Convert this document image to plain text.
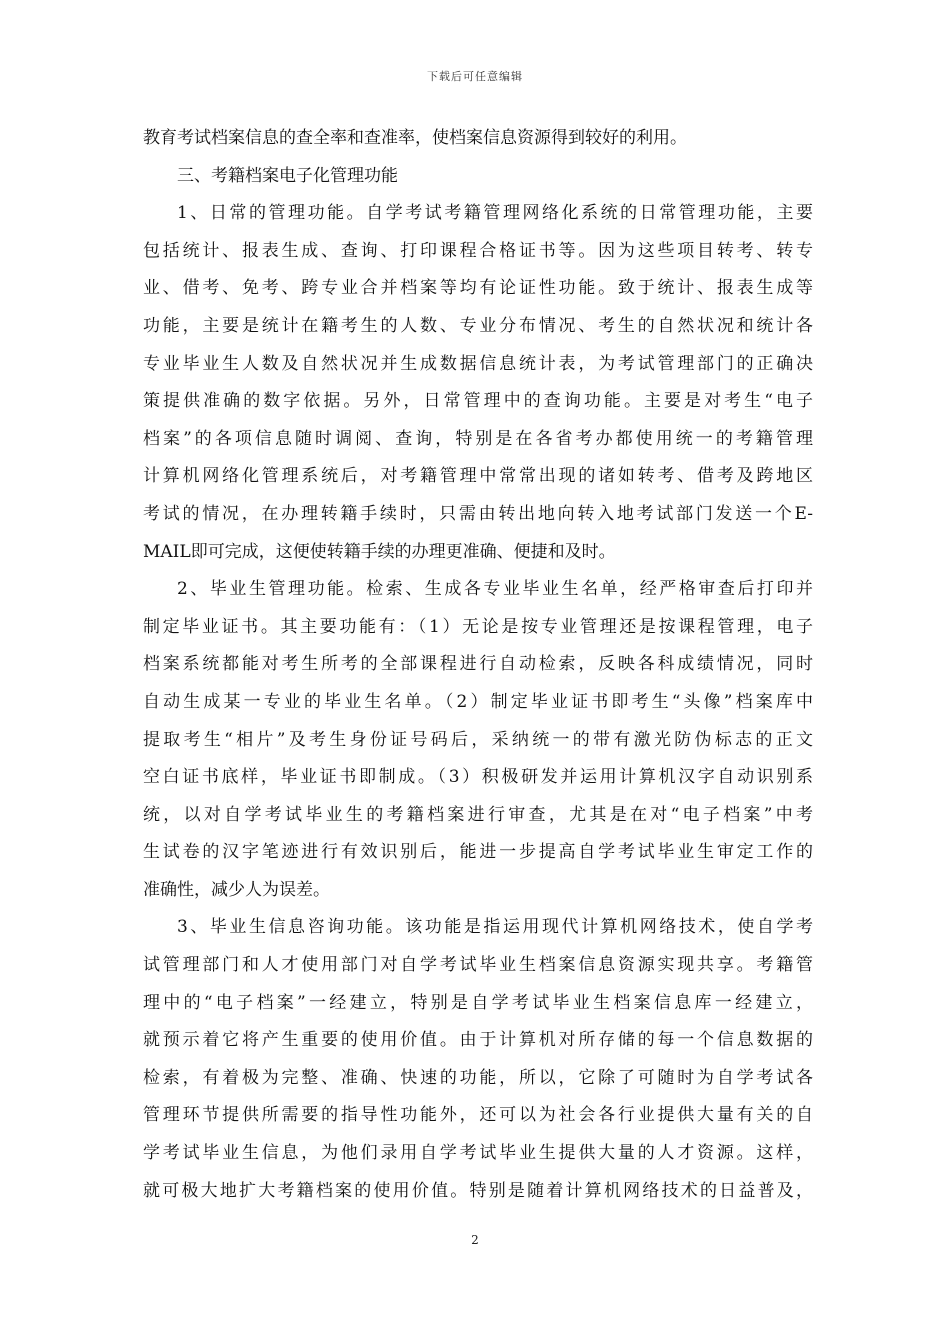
下载后可任意编辑
教育考试档案信息的查全率和查准率，使档案信息资源得到较好的利用。
三、考籍档案电子化管理功能
1、日常的管理功能。自学考试考籍管理网络化系统的日常管理功能，主要
包括统计、报表生成、查询、打印课程合格证书等。因为这些项目转考、转专
业、借考、免考、跨专业合并档案等均有论证性功能。致于统计、报表生成等
功能，主要是统计在籍考生的人数、专业分布情况、考生的自然状况和统计各
专业毕业生人数及自然状况并生成数据信息统计表，为考试管理部门的正确决
策提供准确的数字依据。另外，日常管理中的查询功能。主要是对考生“电子
档案”的各项信息随时调阅、查询，特别是在各省考办都使用统一的考籍管理
计算机网络化管理系统后，对考籍管理中常常出现的诸如转考、借考及跨地区
考试的情况，在办理转籍手续时，只需由转出地向转入地考试部门发送一个E-
MAIL即可完成，这便使转籍手续的办理更准确、便捷和及时。
2、毕业生管理功能。检索、生成各专业毕业生名单，经严格审查后打印并
制定毕业证书。其主要功能有：（1）无论是按专业管理还是按课程管理，电子
档案系统都能对考生所考的全部课程进行自动检索，反映各科成绩情况，同时
自动生成某一专业的毕业生名单。（2）制定毕业证书即考生“头像”档案库中
提取考生“相片”及考生身份证号码后，采纳统一的带有激光防伪标志的正文
空白证书底样，毕业证书即制成。（3）积极研发并运用计算机汉字自动识别系
统，以对自学考试毕业生的考籍档案进行审查，尤其是在对“电子档案”中考
生试卷的汉字笔迹进行有效识别后，能进一步提高自学考试毕业生审定工作的
准确性，减少人为误差。
3、毕业生信息咨询功能。该功能是指运用现代计算机网络技术，使自学考
试管理部门和人才使用部门对自学考试毕业生档案信息资源实现共享。考籍管
理中的“电子档案”一经建立，特别是自学考试毕业生档案信息库一经建立，
就预示着它将产生重要的使用价值。由于计算机对所存储的每一个信息数据的
检索，有着极为完整、准确、快速的功能，所以，它除了可随时为自学考试各
管理环节提供所需要的指导性功能外，还可以为社会各行业提供大量有关的自
学考试毕业生信息，为他们录用自学考试毕业生提供大量的人才资源。这样，
就可极大地扩大考籍档案的使用价值。特别是随着计算机网络技术的日益普及，
2
